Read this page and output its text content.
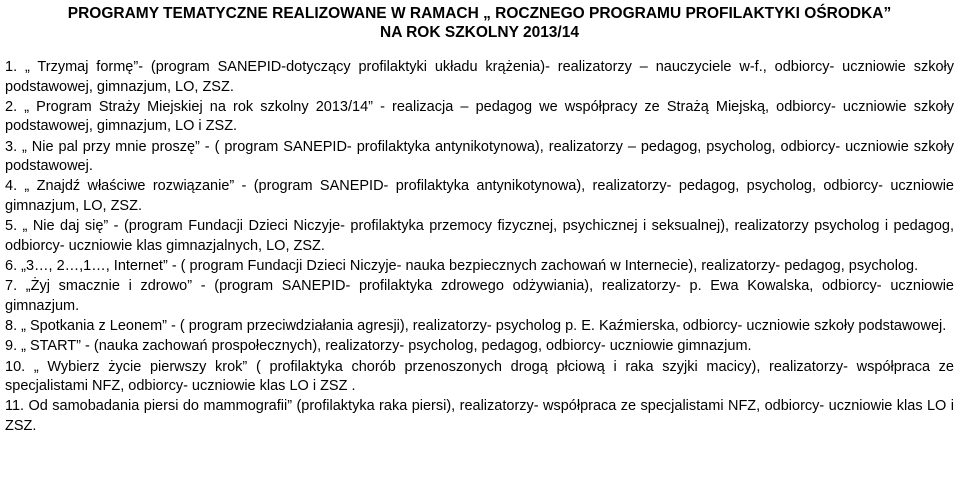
PROGRAMY TEMATYCZNE REALIZOWANE W RAMACH „ ROCZNEGO PROGRAMU PROFILAKTYKI OŚRODKA”
NA ROK SZKOLNY 2013/14

1. „ Trzymaj formę”- (program SANEPID-dotyczący profilaktyki układu krążenia)- realizatorzy – nauczyciele w-f., odbiorcy- uczniowie szkoły podstawowej, gimnazjum, LO, ZSZ.

2. „ Program Straży Miejskiej na rok szkolny 2013/14” - realizacja – pedagog we współpracy ze Strażą Miejską, odbiorcy- uczniowie szkoły podstawowej, gimnazjum, LO i ZSZ.

3. „ Nie pal przy mnie proszę” - ( program SANEPID- profilaktyka antynikotynowa), realizatorzy – pedagog, psycholog, odbiorcy- uczniowie szkoły podstawowej.

4. „ Znajdź właściwe rozwiązanie” - (program SANEPID- profilaktyka antynikotynowa), realizatorzy- pedagog, psycholog, odbiorcy- uczniowie gimnazjum, LO, ZSZ.

5. „ Nie daj się” - (program Fundacji Dzieci Niczyje- profilaktyka przemocy fizycznej, psychicznej i seksualnej), realizatorzy psycholog i pedagog, odbiorcy- uczniowie klas gimnazjalnych, LO, ZSZ.

6. „3…, 2…,1…, Internet” - ( program Fundacji Dzieci Niczyje- nauka bezpiecznych zachowań w Internecie), realizatorzy- pedagog, psycholog.

7. „Żyj smacznie i zdrowo” - (program SANEPID- profilaktyka zdrowego odżywiania), realizatorzy- p. Ewa Kowalska, odbiorcy- uczniowie gimnazjum.

8. „ Spotkania z Leonem” - ( program przeciwdziałania agresji), realizatorzy- psycholog p. E. Kaźmierska, odbiorcy- uczniowie szkoły podstawowej.

9. „ START” - (nauka zachowań prospołecznych), realizatorzy- psycholog, pedagog, odbiorcy- uczniowie gimnazjum.

10. „ Wybierz życie pierwszy krok” ( profilaktyka chorób przenoszonych drogą płciową i raka szyjki macicy), realizatorzy- współpraca ze specjalistami NFZ, odbiorcy- uczniowie klas LO i ZSZ .

11. Od samobadania piersi do mammografii” (profilaktyka raka piersi), realizatorzy- współpraca ze specjalistami NFZ, odbiorcy- uczniowie klas LO i ZSZ.
